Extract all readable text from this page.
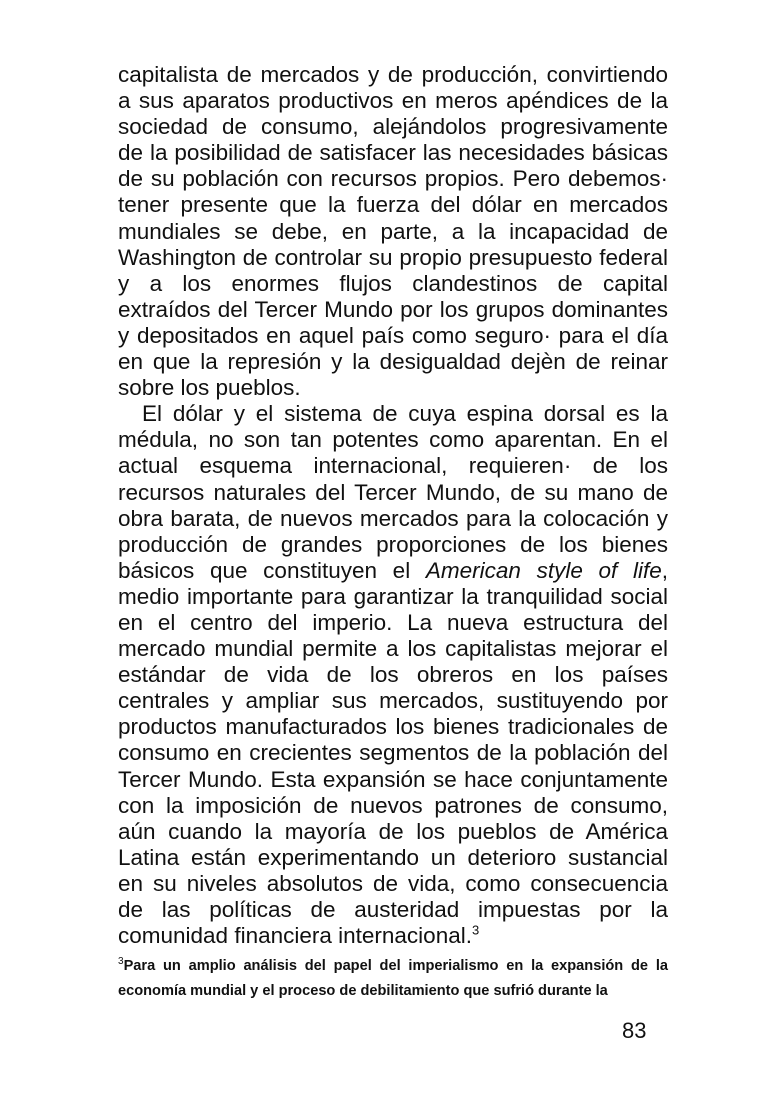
capitalista de mercados y de producción, convirtiendo a sus aparatos productivos en meros apéndices de la sociedad de consumo, alejándolos progresivamente de la posibilidad de satisfacer las necesidades básicas de su población con recursos propios. Pero debemos· tener presente que la fuerza del dólar en mercados mundiales se debe, en parte, a la incapacidad de Washington de controlar su propio presupuesto federal y a los enormes flujos clandestinos de capital extraídos del Tercer Mundo por los grupos dominantes y depositados en aquel país como seguro· para el día en que la represión y la desigualdad dejèn de reinar sobre los pueblos.

El dólar y el sistema de cuya espina dorsal es la médula, no son tan potentes como aparentan. En el actual esquema internacional, requieren· de los recursos naturales del Tercer Mundo, de su mano de obra barata, de nuevos mercados para la colocación y producción de grandes proporciones de los bienes básicos que constituyen el American style of life, medio importante para garantizar la tranquilidad social en el centro del imperio. La nueva estructura del mercado mundial permite a los capitalistas mejorar el estándar de vida de los obreros en los países centrales y ampliar sus mercados, sustituyendo por productos manufacturados los bienes tradicionales de consumo en crecientes segmentos de la población del Tercer Mundo. Esta expansión se hace conjuntamente con la imposición de nuevos patrones de consumo, aún cuando la mayoría de los pueblos de América Latina están experimentando un deterioro sustancial en su niveles absolutos de vida, como consecuencia de las políticas de austeridad impuestas por la comunidad financiera internacional.$^3$

$^3$Para un amplio análisis del papel del imperialismo en la expansión de la economía mundial y el proceso de debilitamiento que sufrió durante la
83
